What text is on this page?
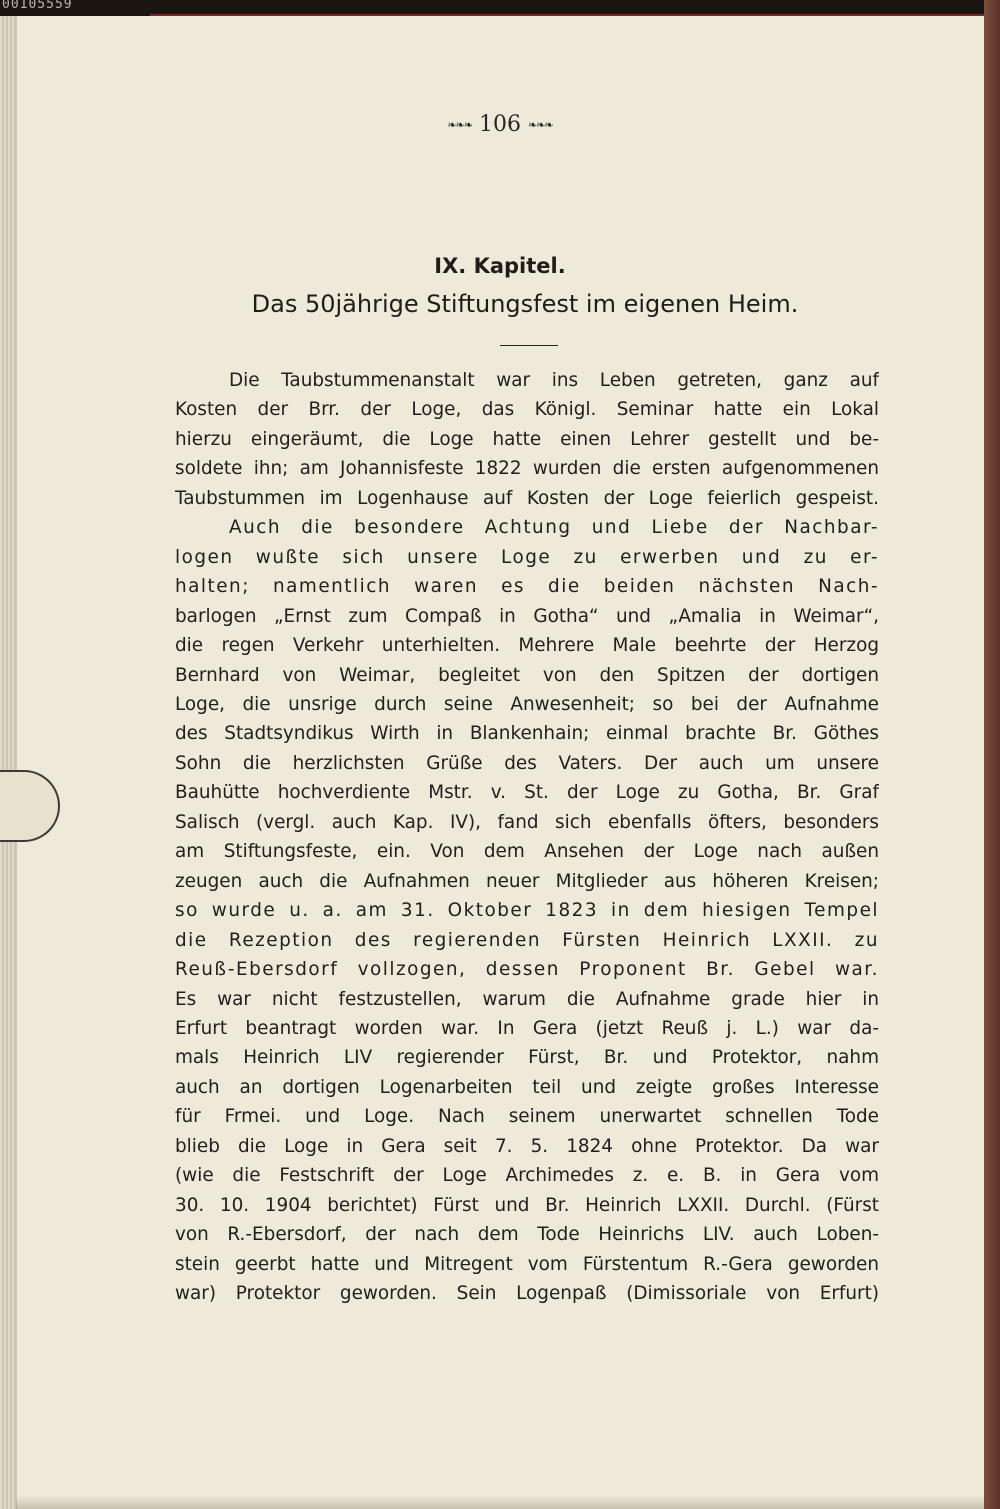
00105559
❧❧❧ 106 ❧❧❧
IX. Kapitel.
Das 50jährige Stiftungsfest im eigenen Heim.
Die Taubstummenanstalt war ins Leben getreten, ganz auf
Kosten der Brr. der Loge, das Königl. Seminar hatte ein Lokal
hierzu eingeräumt, die Loge hatte einen Lehrer gestellt und be-
soldete ihn; am Johannisfeste 1822 wurden die ersten aufgenommenen
Taubstummen im Logenhause auf Kosten der Loge feierlich gespeist.
Auch die besondere Achtung und Liebe der Nachbar-
logen wußte sich unsere Loge zu erwerben und zu er-
halten; namentlich waren es die beiden nächsten Nach-
barlogen „Ernst zum Compaß in Gotha“ und „Amalia in Weimar“,
die regen Verkehr unterhielten. Mehrere Male beehrte der Herzog
Bernhard von Weimar, begleitet von den Spitzen der dortigen
Loge, die unsrige durch seine Anwesenheit; so bei der Aufnahme
des Stadtsyndikus Wirth in Blankenhain; einmal brachte Br. Göthes
Sohn die herzlichsten Grüße des Vaters. Der auch um unsere
Bauhütte hochverdiente Mstr. v. St. der Loge zu Gotha, Br. Graf
Salisch (vergl. auch Kap. IV), fand sich ebenfalls öfters, besonders
am Stiftungsfeste, ein. Von dem Ansehen der Loge nach außen
zeugen auch die Aufnahmen neuer Mitglieder aus höheren Kreisen;
so wurde u. a. am 31. Oktober 1823 in dem hiesigen Tempel
die Rezeption des regierenden Fürsten Heinrich LXXII. zu
Reuß-Ebersdorf vollzogen, dessen Proponent Br. Gebel war.
Es war nicht festzustellen, warum die Aufnahme grade hier in
Erfurt beantragt worden war. In Gera (jetzt Reuß j. L.) war da-
mals Heinrich LIV regierender Fürst, Br. und Protektor, nahm
auch an dortigen Logenarbeiten teil und zeigte großes Interesse
für Frmei. und Loge. Nach seinem unerwartet schnellen Tode
blieb die Loge in Gera seit 7. 5. 1824 ohne Protektor. Da war
(wie die Festschrift der Loge Archimedes z. e. B. in Gera vom
30. 10. 1904 berichtet) Fürst und Br. Heinrich LXXII. Durchl. (Fürst
von R.-Ebersdorf, der nach dem Tode Heinrichs LIV. auch Loben-
stein geerbt hatte und Mitregent vom Fürstentum R.-Gera geworden
war) Protektor geworden. Sein Logenpaß (Dimissoriale von Erfurt)
